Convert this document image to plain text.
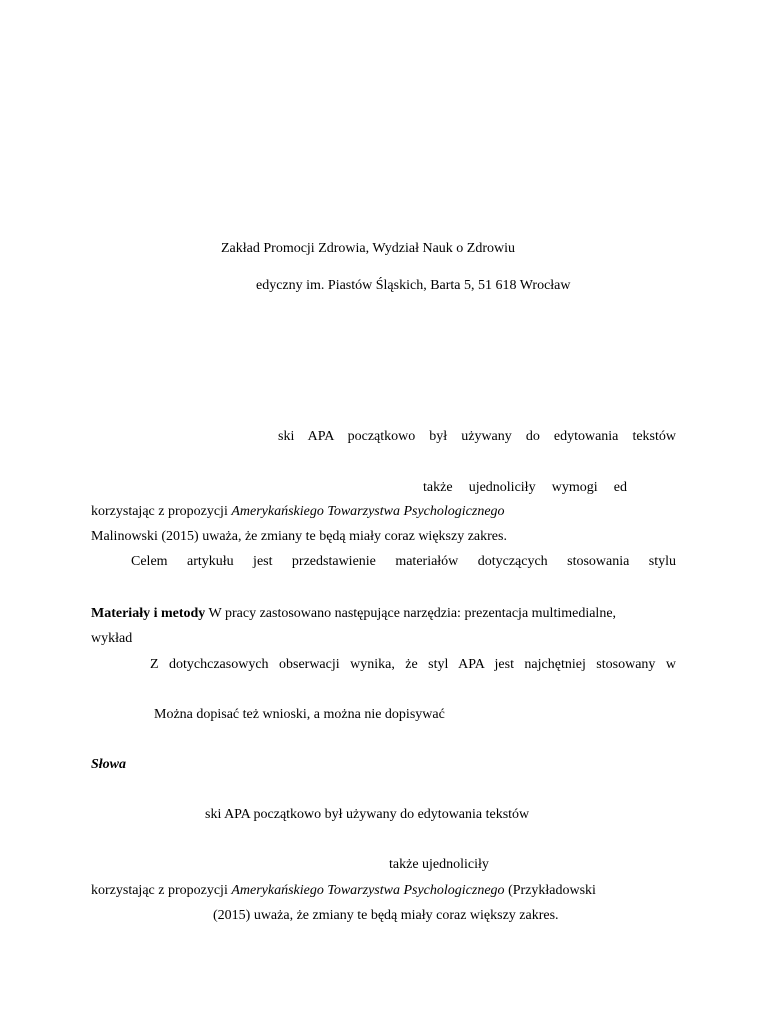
Zakład Promocji Zdrowia, Wydział Nauk o Zdrowiu

edyczny im. Piastów Śląskich, Barta 5, 51 618 Wrocław

ski APA początkowo był używany do edytowania tekstów

także ujednoliciły wymogi ed

korzystając z propozycji Amerykańskiego Towarzystwa Psychologicznego

Malinowski (2015) uważa, że zmiany te będą miały coraz większy zakres.

Celem artykułu jest przedstawienie materiałów dotyczących stosowania stylu

Materiały i metody W pracy zastosowano następujące narzędzia: prezentacja multimedialne,

wykład

Z dotychczasowych obserwacji wynika, że styl APA jest najchętniej stosowany w

Można dopisać też wnioski, a można nie dopisywać

Słowa

ski APA początkowo był używany do edytowania tekstów

także ujednoliciły

korzystając z propozycji Amerykańskiego Towarzystwa Psychologicznego (Przykładowski

(2015) uważa, że zmiany te będą miały coraz większy zakres.
